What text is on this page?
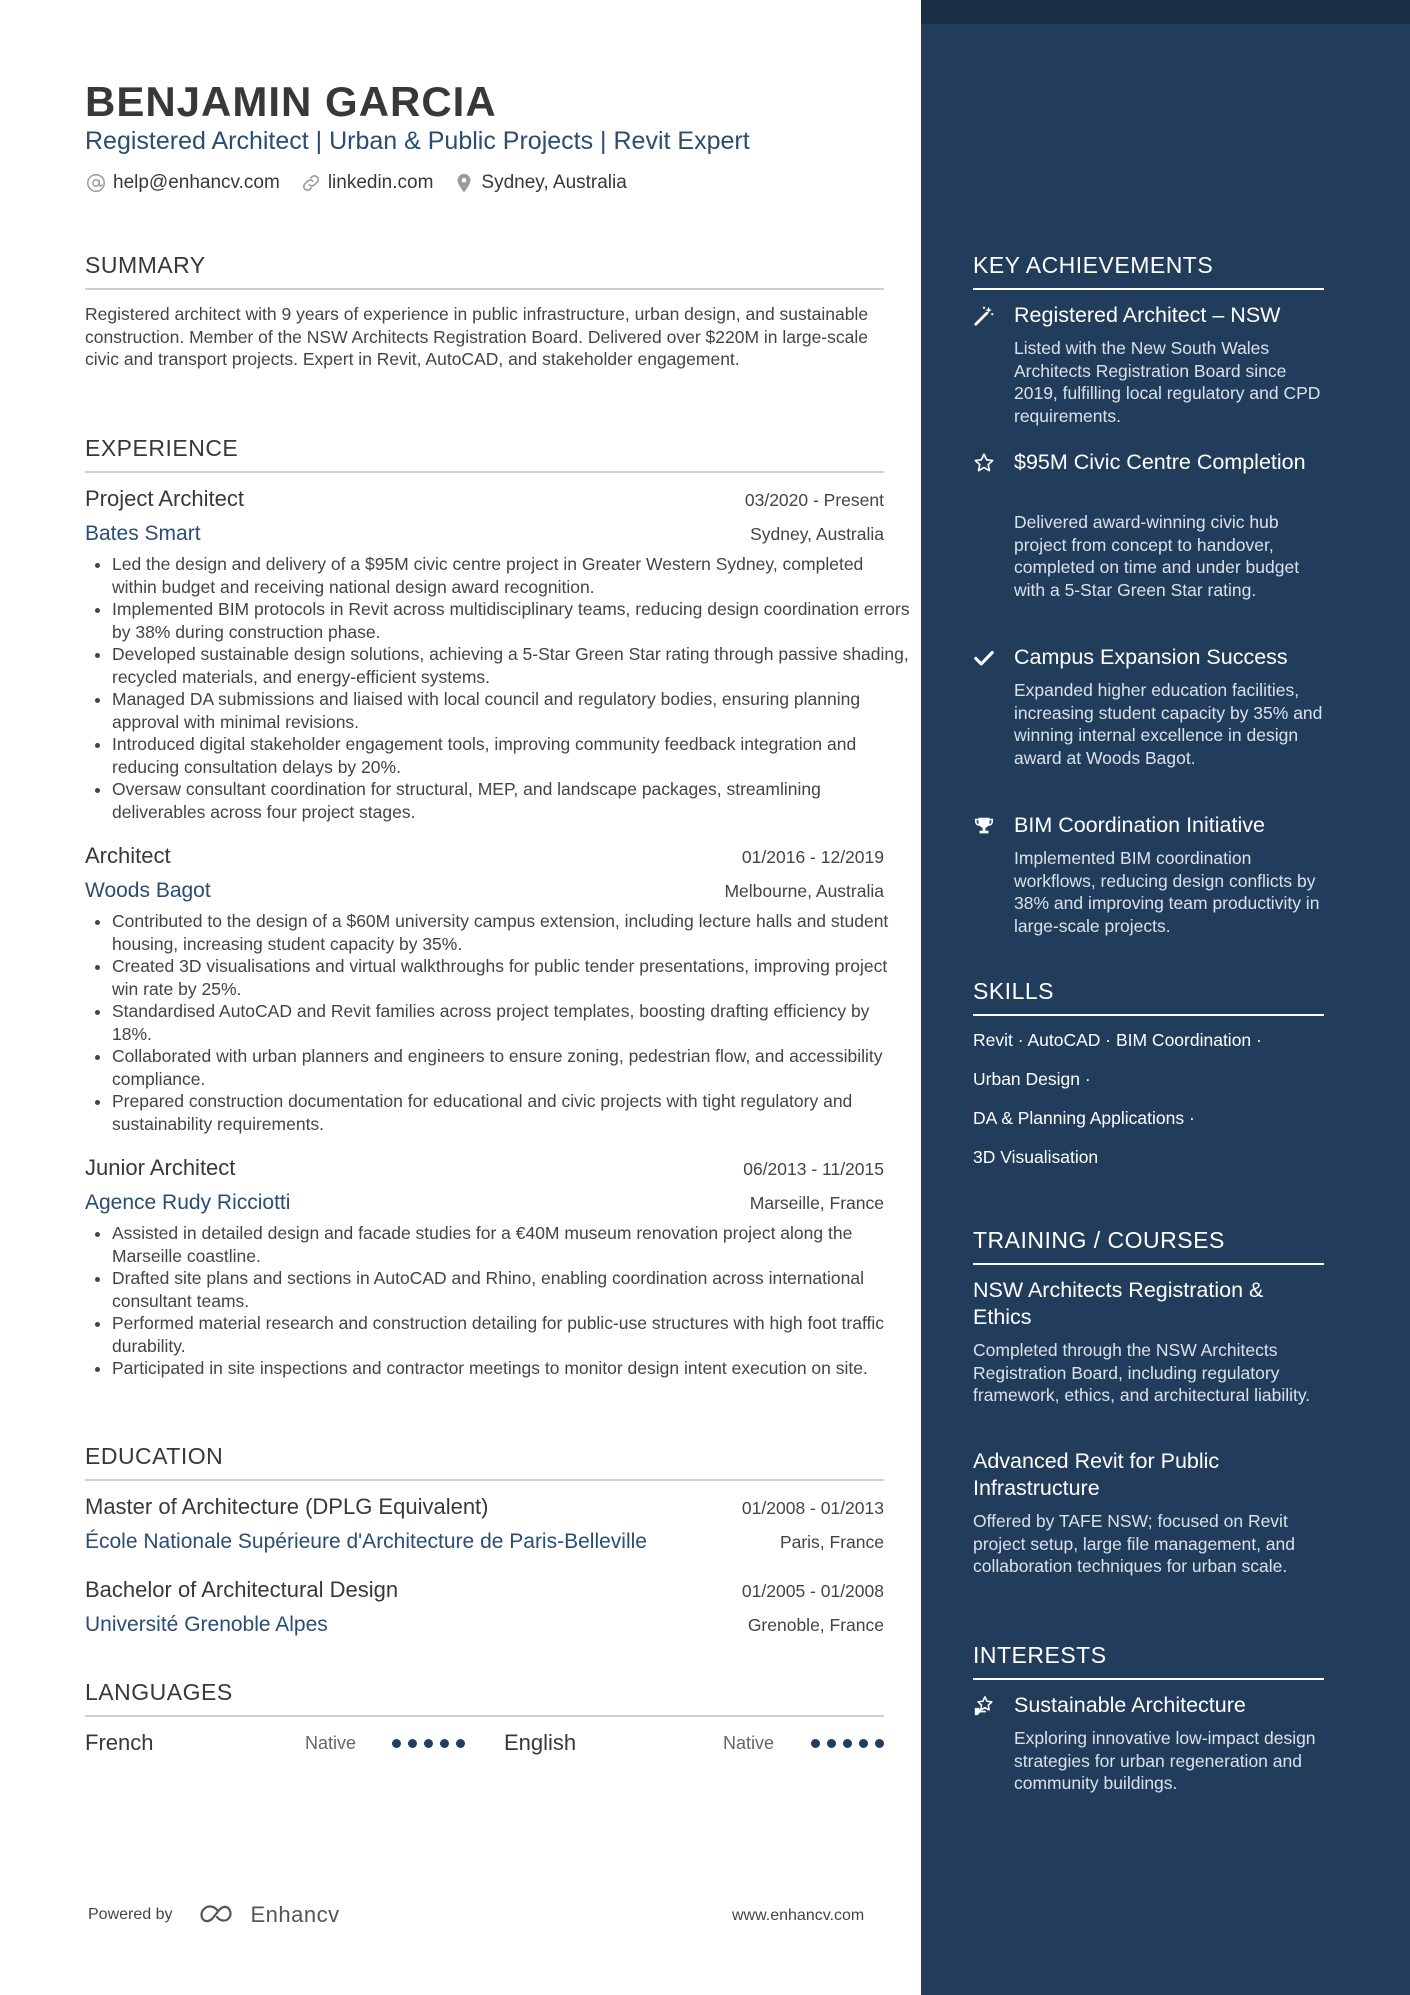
BENJAMIN GARCIA
Registered Architect | Urban & Public Projects | Revit Expert
help@enhancv.com	linkedin.com	Sydney, Australia
SUMMARY

Registered architect with 9 years of experience in public infrastructure, urban design, and sustainable construction. Member of the NSW Architects Registration Board. Delivered over $220M in large-scale civic and transport projects. Expert in Revit, AutoCAD, and stakeholder engagement.

EXPERIENCE
Project Architect	03/2020 - Present
Bates Smart	Sydney, Australia
• Led the design and delivery of a $95M civic centre project in Greater Western Sydney, completed within budget and receiving national design award recognition.
• Implemented BIM protocols in Revit across multidisciplinary teams, reducing design coordination errors by 38% during construction phase.
• Developed sustainable design solutions, achieving a 5-Star Green Star rating through passive shading, recycled materials, and energy-efficient systems.
• Managed DA submissions and liaised with local council and regulatory bodies, ensuring planning approval with minimal revisions.
• Introduced digital stakeholder engagement tools, improving community feedback integration and reducing consultation delays by 20%.
• Oversaw consultant coordination for structural, MEP, and landscape packages, streamlining deliverables across four project stages.
Architect	01/2016 - 12/2019
Woods Bagot	Melbourne, Australia
• Contributed to the design of a $60M university campus extension, including lecture halls and student housing, increasing student capacity by 35%.
• Created 3D visualisations and virtual walkthroughs for public tender presentations, improving project win rate by 25%.
• Standardised AutoCAD and Revit families across project templates, boosting drafting efficiency by 18%.
• Collaborated with urban planners and engineers to ensure zoning, pedestrian flow, and accessibility compliance.
• Prepared construction documentation for educational and civic projects with tight regulatory and sustainability requirements.
Junior Architect	06/2013 - 11/2015
Agence Rudy Ricciotti	Marseille, France
• Assisted in detailed design and facade studies for a €40M museum renovation project along the Marseille coastline.
• Drafted site plans and sections in AutoCAD and Rhino, enabling coordination across international consultant teams.
• Performed material research and construction detailing for public-use structures with high foot traffic durability.
• Participated in site inspections and contractor meetings to monitor design intent execution on site.
EDUCATION
Master of Architecture (DPLG Equivalent)	01/2008 - 01/2013
École Nationale Supérieure d'Architecture de Paris-Belleville	Paris, France
Bachelor of Architectural Design	01/2005 - 01/2008
Université Grenoble Alpes	Grenoble, France
LANGUAGES
French	Native	English	Native
Powered by	Enhancv	www.enhancv.com
KEY ACHIEVEMENTS
Registered Architect – NSW
Listed with the New South Wales Architects Registration Board since 2019, fulfilling local regulatory and CPD requirements.
$95M Civic Centre Completion
Delivered award-winning civic hub project from concept to handover, completed on time and under budget with a 5-Star Green Star rating.
Campus Expansion Success
Expanded higher education facilities, increasing student capacity by 35% and winning internal excellence in design award at Woods Bagot.
BIM Coordination Initiative
Implemented BIM coordination workflows, reducing design conflicts by 38% and improving team productivity in large-scale projects.
SKILLS
Revit · AutoCAD · BIM Coordination ·
Urban Design ·
DA & Planning Applications ·
3D Visualisation
TRAINING / COURSES
NSW Architects Registration & Ethics
Completed through the NSW Architects Registration Board, including regulatory framework, ethics, and architectural liability.
Advanced Revit for Public Infrastructure
Offered by TAFE NSW; focused on Revit project setup, large file management, and collaboration techniques for urban scale.
INTERESTS
Sustainable Architecture
Exploring innovative low-impact design strategies for urban regeneration and community buildings.
